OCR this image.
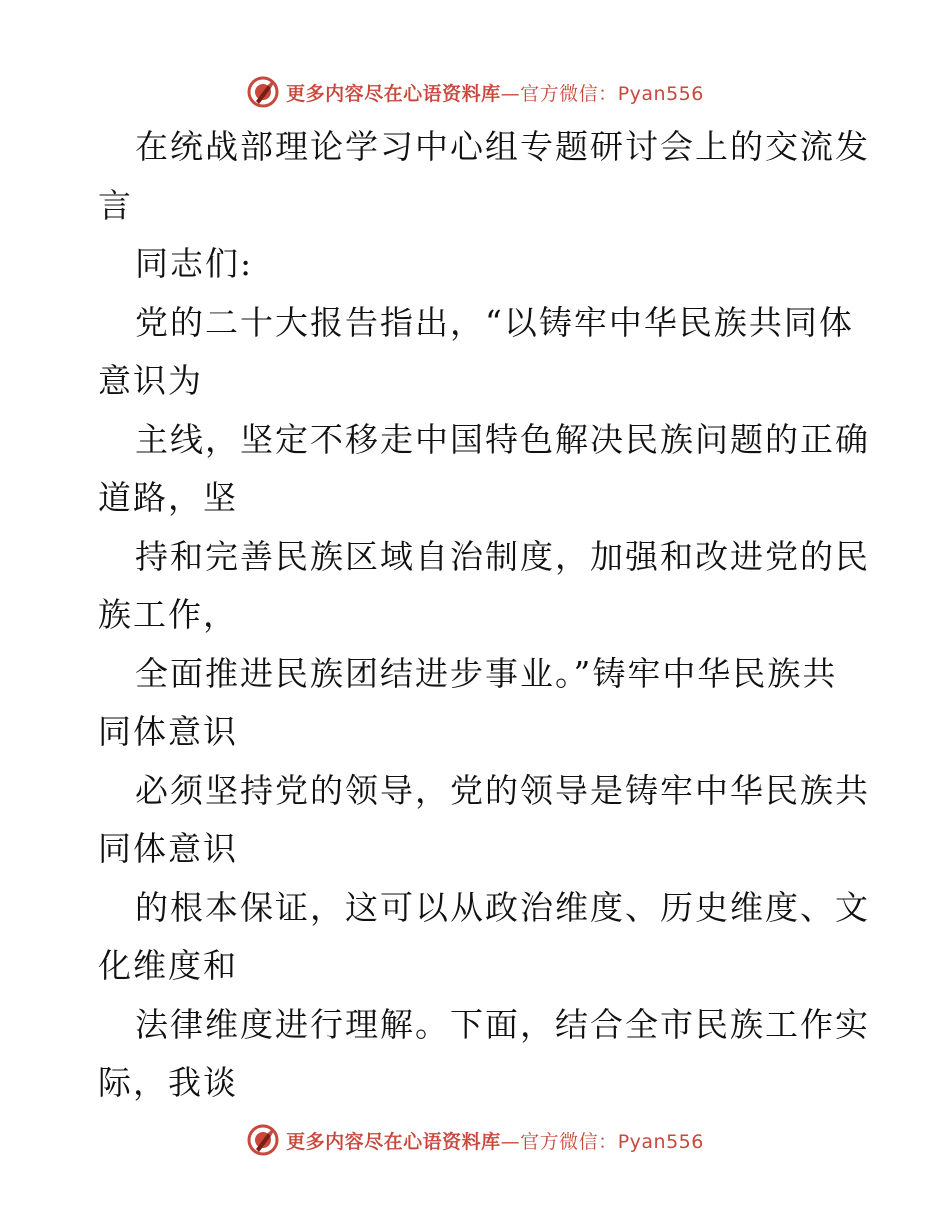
更多内容尽在心语资料库—官方微信：Pyan556
在统战部理论学习中心组专题研讨会上的交流发
言
同志们:
党的二十大报告指出，“以铸牢中华民族共同体
意识为
主线，坚定不移走中国特色解决民族问题的正确
道路，坚
持和完善民族区域自治制度，加强和改进党的民
族工作，
全面推进民族团结进步事业。”铸牢中华民族共
同体意识
必须坚持党的领导，党的领导是铸牢中华民族共
同体意识
的根本保证，这可以从政治维度、历史维度、文
化维度和
法律维度进行理解。下面，结合全市民族工作实
际，我谈
更多内容尽在心语资料库—官方微信：Pyan556
